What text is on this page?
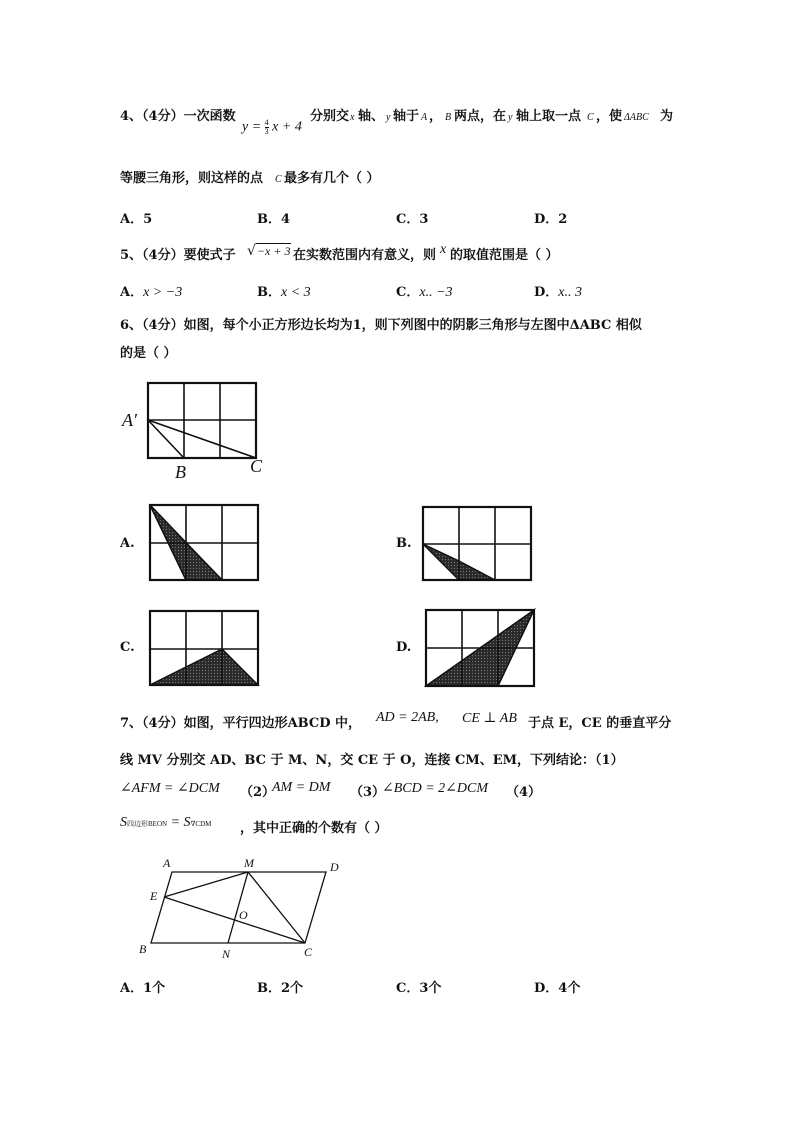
4、（4分）一次函数
$y = \frac{4}{3}$ x + 4
分别交 x 轴、 y 轴于 A ， B 两点，在 y 轴上取一点 C ，使 ΔABC 为
等腰三角形，则这样的点 C 最多有几个（ ）
A．5	B．4	C．3	D．2
5、（4分）要使式子 √−x + 3 在实数范围内有意义，则 x 的取值范围是（ ）
A．x > −3	B．x < 3	C．x.. −3	D．x.. 3
6、（4分）如图，每个小正方形边长均为1，则下列图中的阴影三角形与左图中ΔABC 相似
的是（ ）
A′
B	C
A.	B.
C.	D.
7、（4分）如图，平行四边形ABCD 中， AD = 2AB, CE ⊥ AB 于点 E，CE 的垂直平分
线 MV 分别交 AD、BC 于 M、N，交 CE 于 O，连接 CM、EM，下列结论：（1）
∠AFM = ∠DCM （2）
AM = DM （3）
∠BCD = 2∠DCM （4）
S四边形BEON = S∇CDM ，其中正确的个数有（ ）
A	M	D
E
O
B	N	C
A．1个	B．2个	C．3个	D．4个
